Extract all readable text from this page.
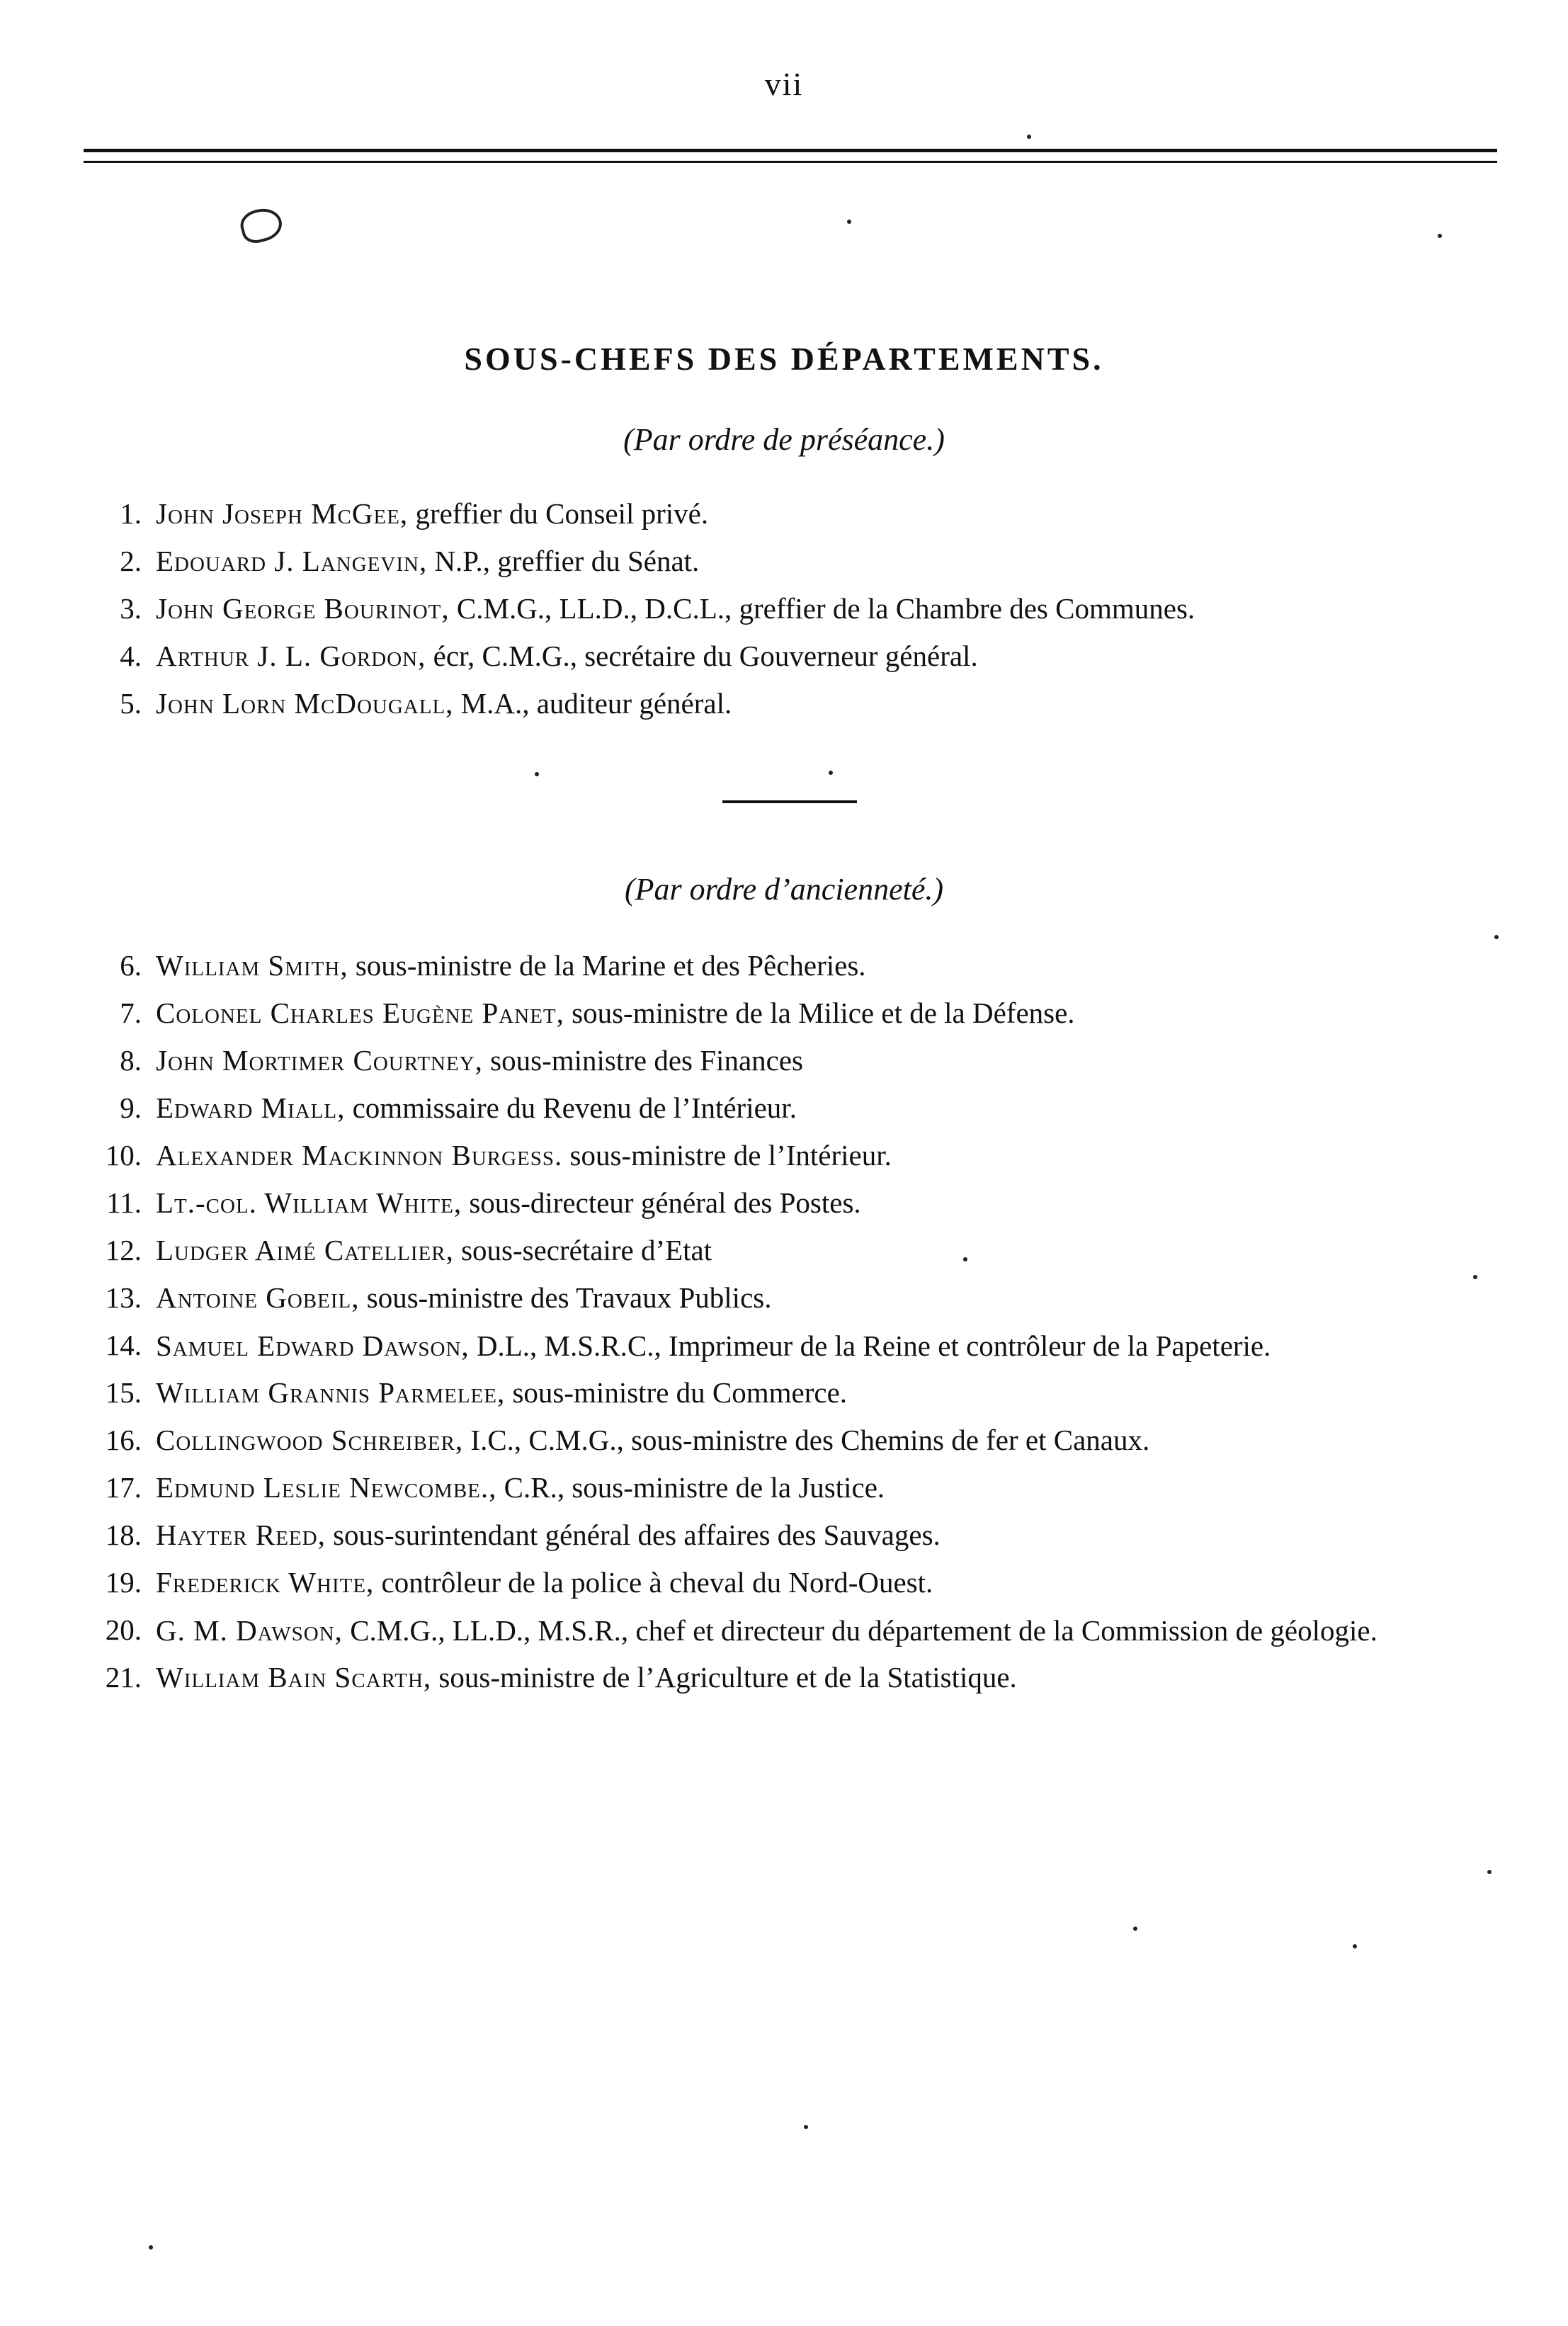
vii
SOUS-CHEFS DES DÉPARTEMENTS.
(Par ordre de préséance.)
1. John Joseph McGee, greffier du Conseil privé.
2. Edouard J. Langevin, N.P., greffier du Sénat.
3. John George Bourinot, C.M.G., LL.D., D.C.L., greffier de la Chambre des Communes.
4. Arthur J. L. Gordon, écr, C.M.G., secrétaire du Gouverneur général.
5. John Lorn McDougall, M.A., auditeur général.
(Par ordre d’ancienneté.)
6. William Smith, sous-ministre de la Marine et des Pêcheries.
7. Colonel Charles Eugène Panet, sous-ministre de la Milice et de la Défense.
8. John Mortimer Courtney, sous-ministre des Finances
9. Edward Miall, commissaire du Revenu de l’Intérieur.
10. Alexander Mackinnon Burgess. sous-ministre de l’Intérieur.
11. Lt.-col. William White, sous-directeur général des Postes.
12. Ludger Aimé Catellier, sous-secrétaire d’Etat
13. Antoine Gobeil, sous-ministre des Travaux Publics.
14. Samuel Edward Dawson, D.L., M.S.R.C., Imprimeur de la Reine et contrôleur de la Papeterie.
15. William Grannis Parmelee, sous-ministre du Commerce.
16. Collingwood Schreiber, I.C., C.M.G., sous-ministre des Chemins de fer et Canaux.
17. Edmund Leslie Newcombe., C.R., sous-ministre de la Justice.
18. Hayter Reed, sous-surintendant général des affaires des Sauvages.
19. Frederick White, contrôleur de la police à cheval du Nord-Ouest.
20. G. M. Dawson, C.M.G., LL.D., M.S.R., chef et directeur du département de la Commission de géologie.
21. William Bain Scarth, sous-ministre de l’Agriculture et de la Statistique.
